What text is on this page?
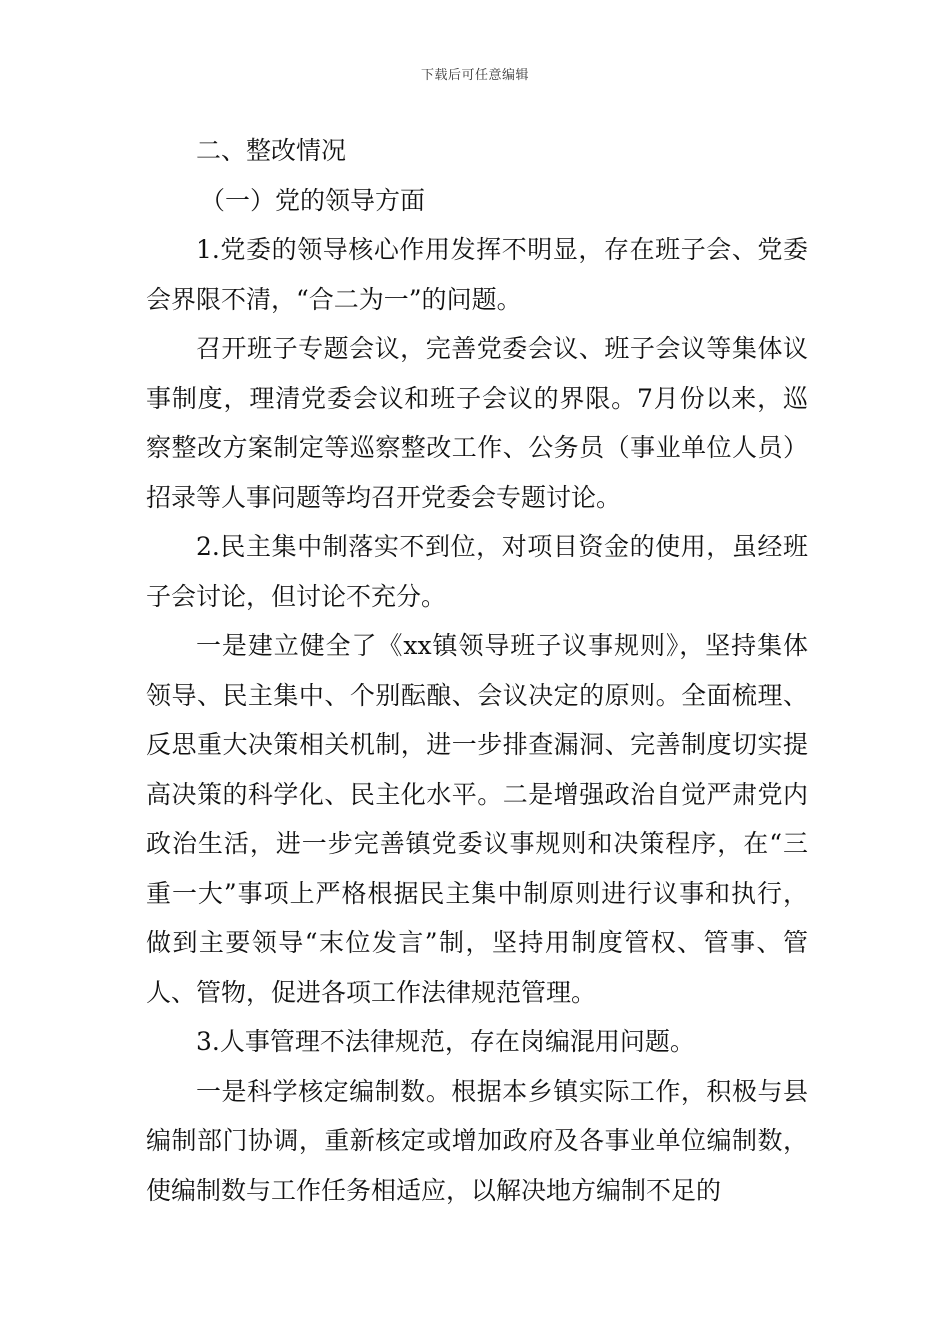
下载后可任意编辑

二、整改情况

（一）党的领导方面

1.党委的领导核心作用发挥不明显，存在班子会、党委会界限不清，“合二为一”的问题。

召开班子专题会议，完善党委会议、班子会议等集体议事制度，理清党委会议和班子会议的界限。7月份以来，巡察整改方案制定等巡察整改工作、公务员（事业单位人员）招录等人事问题等均召开党委会专题讨论。

2.民主集中制落实不到位，对项目资金的使用，虽经班子会讨论，但讨论不充分。

一是建立健全了《xx镇领导班子议事规则》，坚持集体领导、民主集中、个别酝酿、会议决定的原则。全面梳理、反思重大决策相关机制，进一步排查漏洞、完善制度切实提高决策的科学化、民主化水平。二是增强政治自觉严肃党内政治生活，进一步完善镇党委议事规则和决策程序，在“三重一大”事项上严格根据民主集中制原则进行议事和执行，做到主要领导“末位发言”制，坚持用制度管权、管事、管人、管物，促进各项工作法律规范管理。

3.人事管理不法律规范，存在岗编混用问题。

一是科学核定编制数。根据本乡镇实际工作，积极与县编制部门协调，重新核定或增加政府及各事业单位编制数，使编制数与工作任务相适应，以解决地方编制不足的
